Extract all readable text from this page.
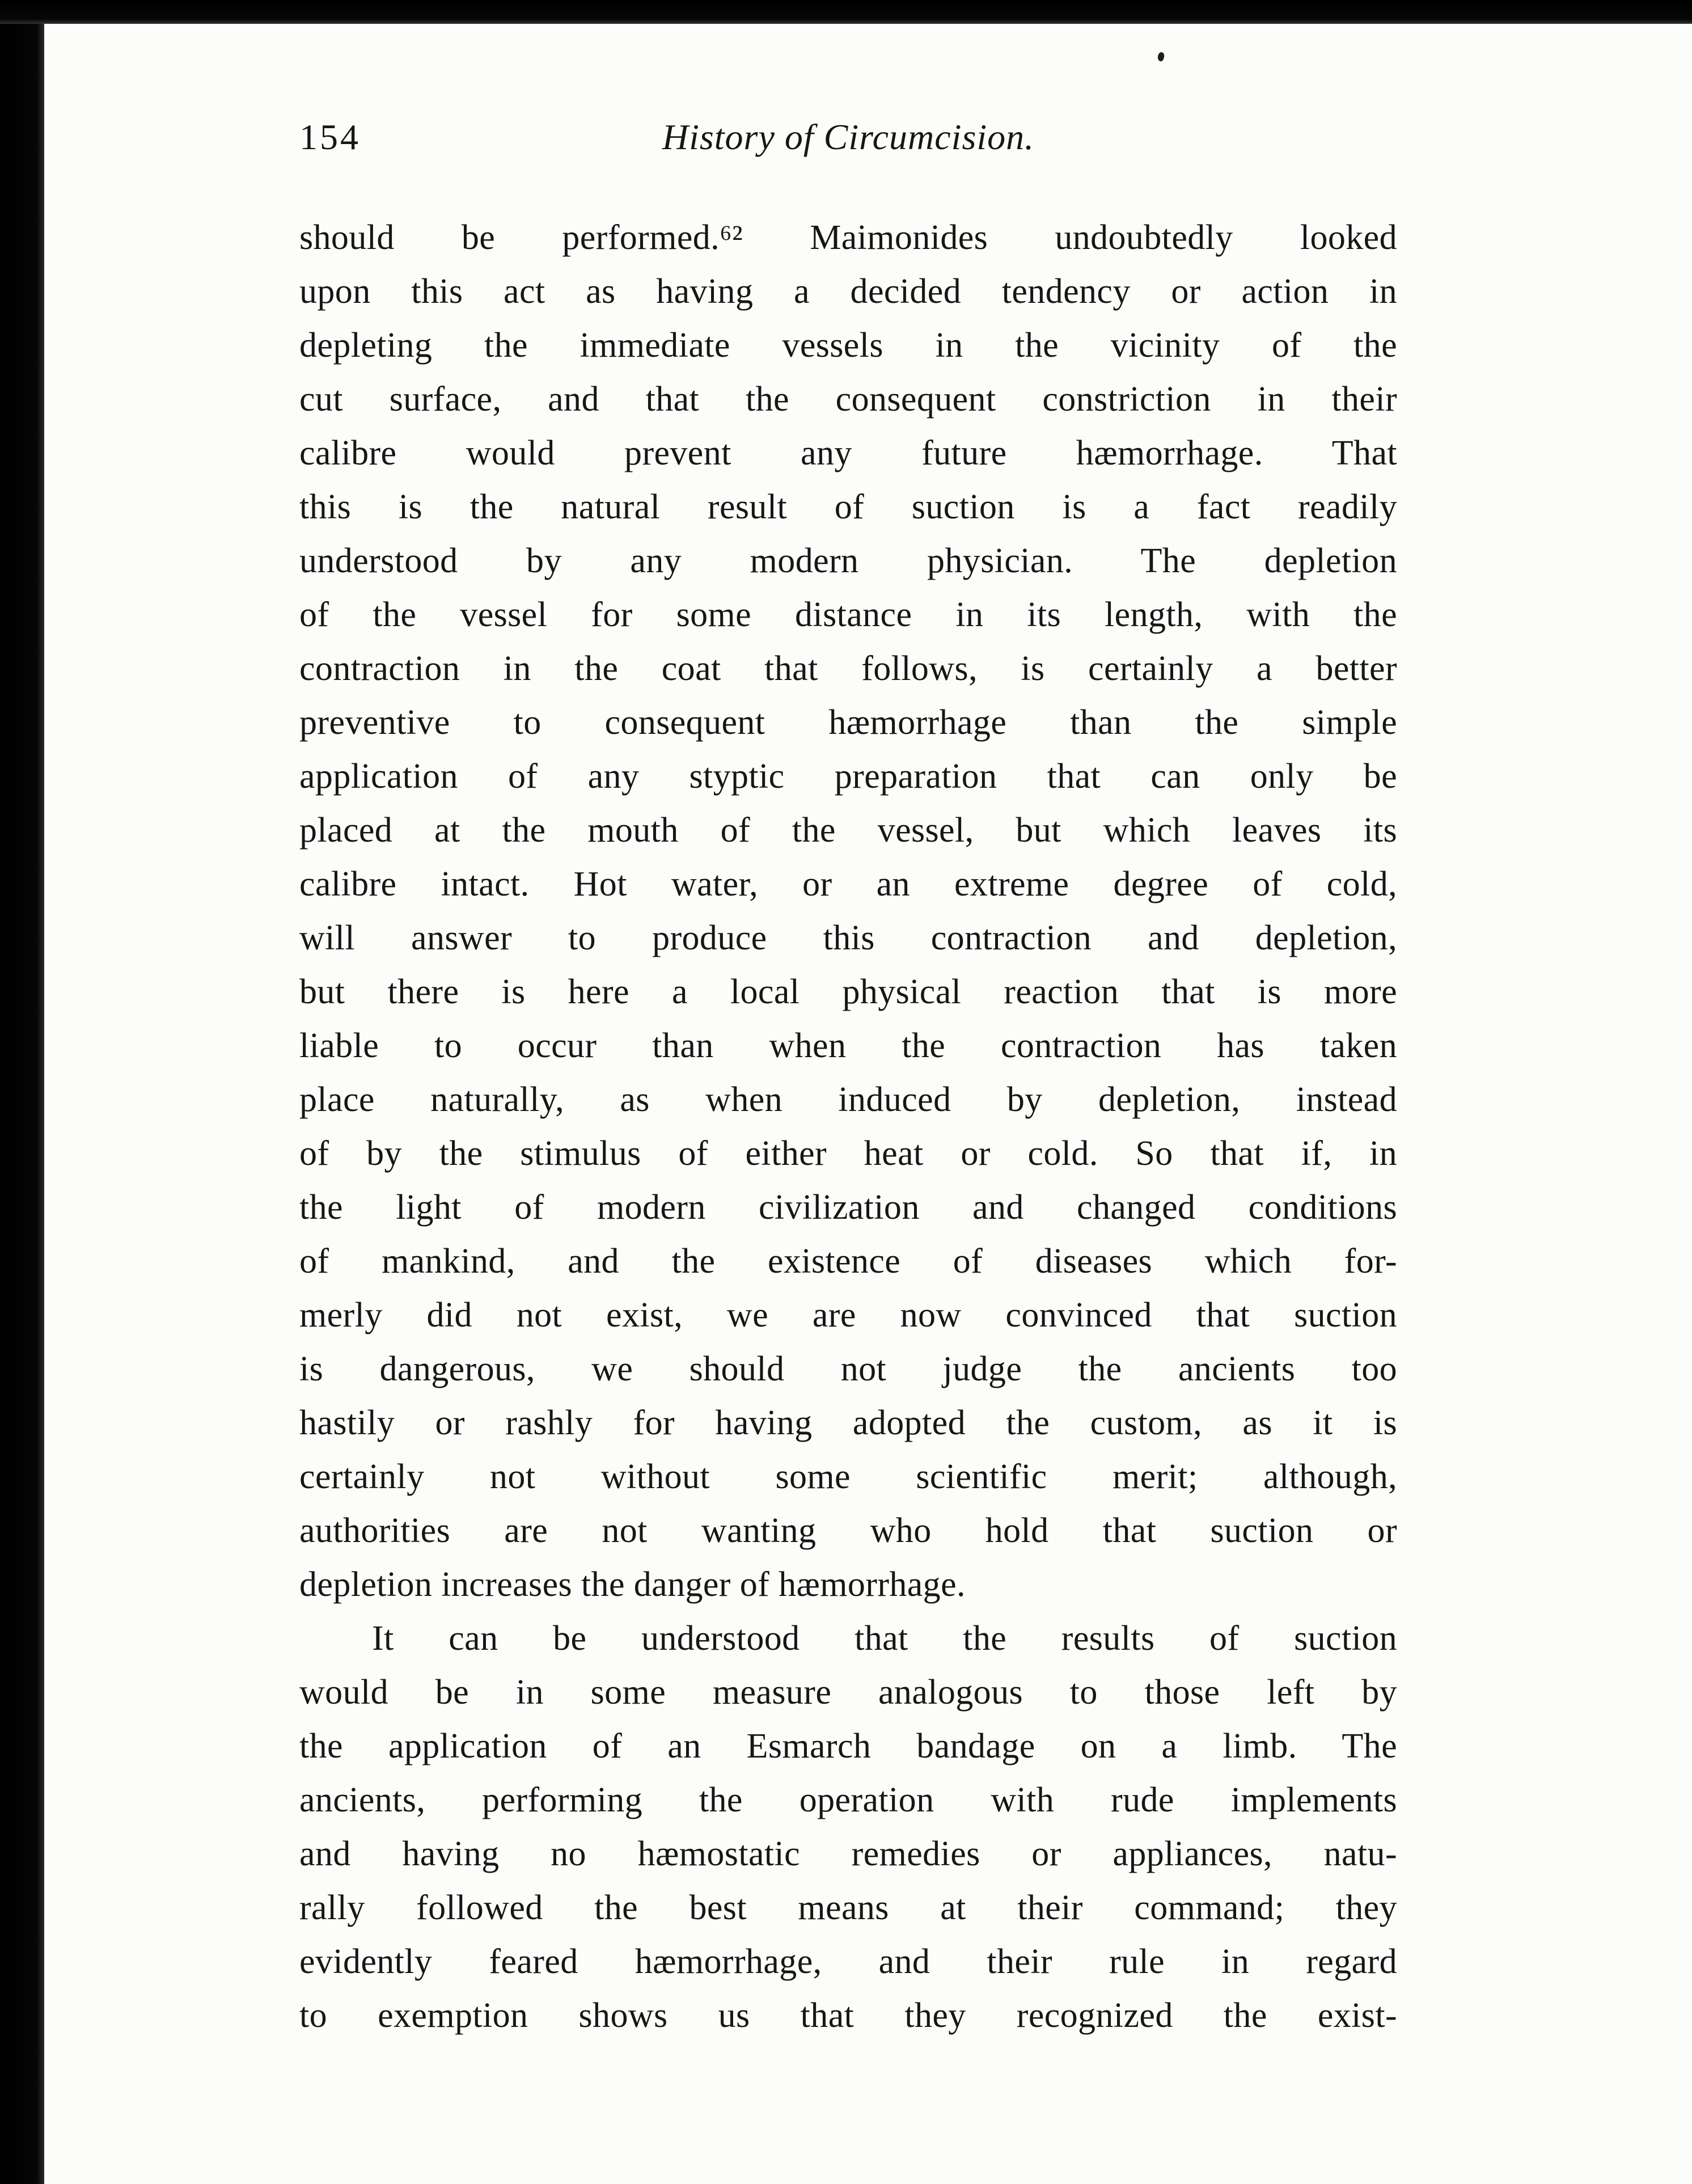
154	History of Circumcision.
should be performed.⁶² Maimonides undoubtedly looked
upon this act as having a decided tendency or action in
depleting the immediate vessels in the vicinity of the
cut surface, and that the consequent constriction in their
calibre would prevent any future hæmorrhage. That
this is the natural result of suction is a fact readily
understood by any modern physician. The depletion
of the vessel for some distance in its length, with the
contraction in the coat that follows, is certainly a better
preventive to consequent hæmorrhage than the simple
application of any styptic preparation that can only be
placed at the mouth of the vessel, but which leaves its
calibre intact. Hot water, or an extreme degree of cold,
will answer to produce this contraction and depletion,
but there is here a local physical reaction that is more
liable to occur than when the contraction has taken
place naturally, as when induced by depletion, instead
of by the stimulus of either heat or cold. So that if, in
the light of modern civilization and changed conditions
of mankind, and the existence of diseases which for-
merly did not exist, we are now convinced that suction
is dangerous, we should not judge the ancients too
hastily or rashly for having adopted the custom, as it is
certainly not without some scientific merit; although,
authorities are not wanting who hold that suction or
depletion increases the danger of hæmorrhage.
It can be understood that the results of suction
would be in some measure analogous to those left by
the application of an Esmarch bandage on a limb. The
ancients, performing the operation with rude implements
and having no hæmostatic remedies or appliances, natu-
rally followed the best means at their command; they
evidently feared hæmorrhage, and their rule in regard
to exemption shows us that they recognized the exist-
